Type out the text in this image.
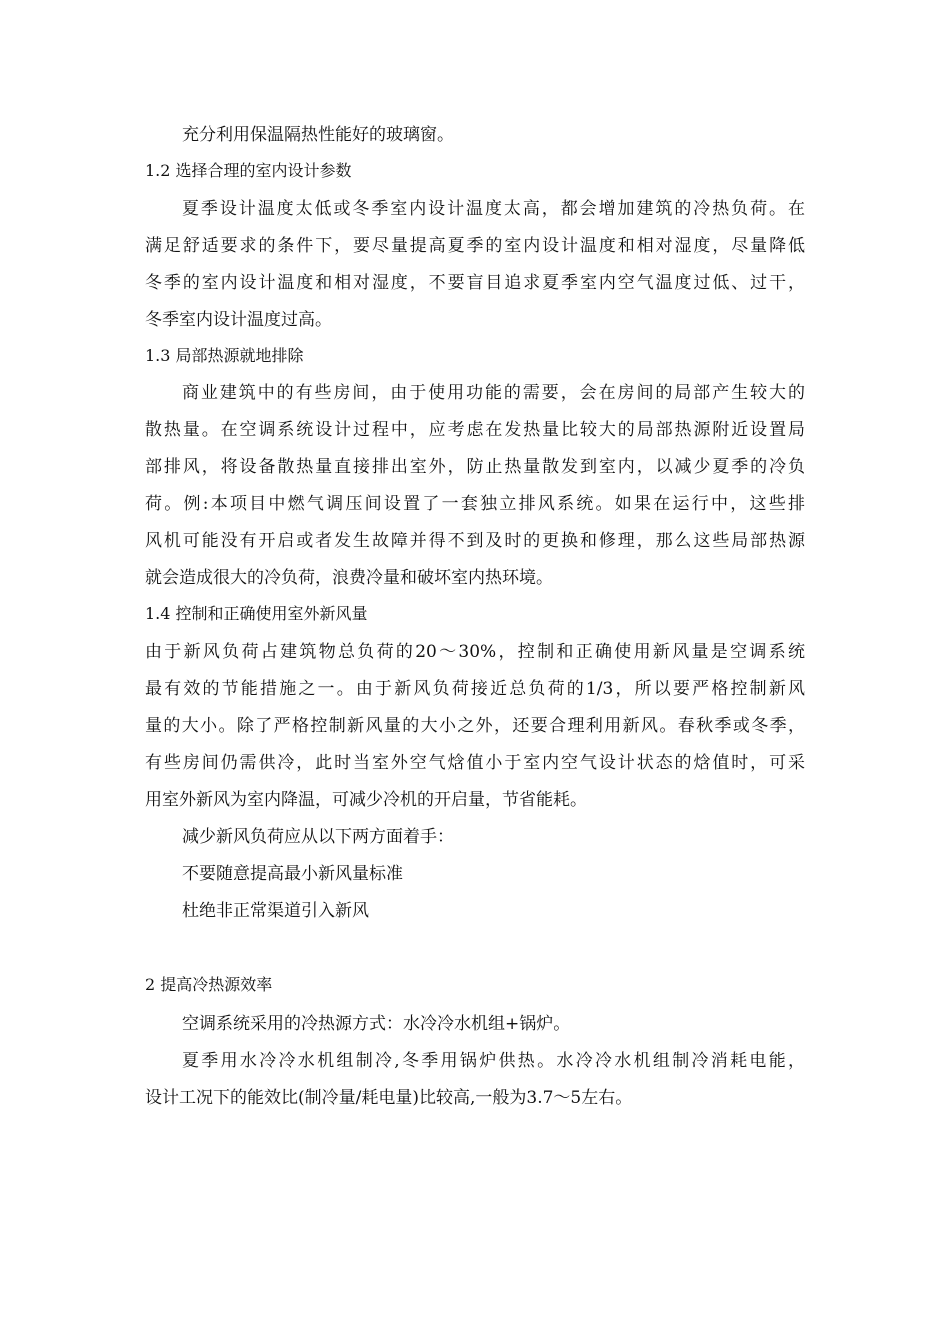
充分利用保温隔热性能好的玻璃窗。
1.2 选择合理的室内设计参数
夏季设计温度太低或冬季室内设计温度太高，都会增加建筑的冷热负荷。在
满足舒适要求的条件下，要尽量提高夏季的室内设计温度和相对湿度，尽量降低
冬季的室内设计温度和相对湿度，不要盲目追求夏季室内空气温度过低、过干，
冬季室内设计温度过高。
1.3 局部热源就地排除
商业建筑中的有些房间，由于使用功能的需要，会在房间的局部产生较大的
散热量。在空调系统设计过程中，应考虑在发热量比较大的局部热源附近设置局
部排风，将设备散热量直接排出室外，防止热量散发到室内，以减少夏季的冷负
荷。例:本项目中燃气调压间设置了一套独立排风系统。如果在运行中，这些排
风机可能没有开启或者发生故障并得不到及时的更换和修理，那么这些局部热源
就会造成很大的冷负荷，浪费冷量和破坏室内热环境。
1.4 控制和正确使用室外新风量
由于新风负荷占建筑物总负荷的20～30%，控制和正确使用新风量是空调系统
最有效的节能措施之一。由于新风负荷接近总负荷的1/3，所以要严格控制新风
量的大小。除了严格控制新风量的大小之外，还要合理利用新风。春秋季或冬季，
有些房间仍需供冷，此时当室外空气焓值小于室内空气设计状态的焓值时，可采
用室外新风为室内降温，可减少冷机的开启量，节省能耗。
减少新风负荷应从以下两方面着手：
不要随意提高最小新风量标准
杜绝非正常渠道引入新风
2 提高冷热源效率
空调系统采用的冷热源方式：水冷冷水机组+锅炉。
夏季用水冷冷水机组制冷,冬季用锅炉供热。水冷冷水机组制冷消耗电能，
设计工况下的能效比(制冷量/耗电量)比较高,一般为3.7～5左右。
